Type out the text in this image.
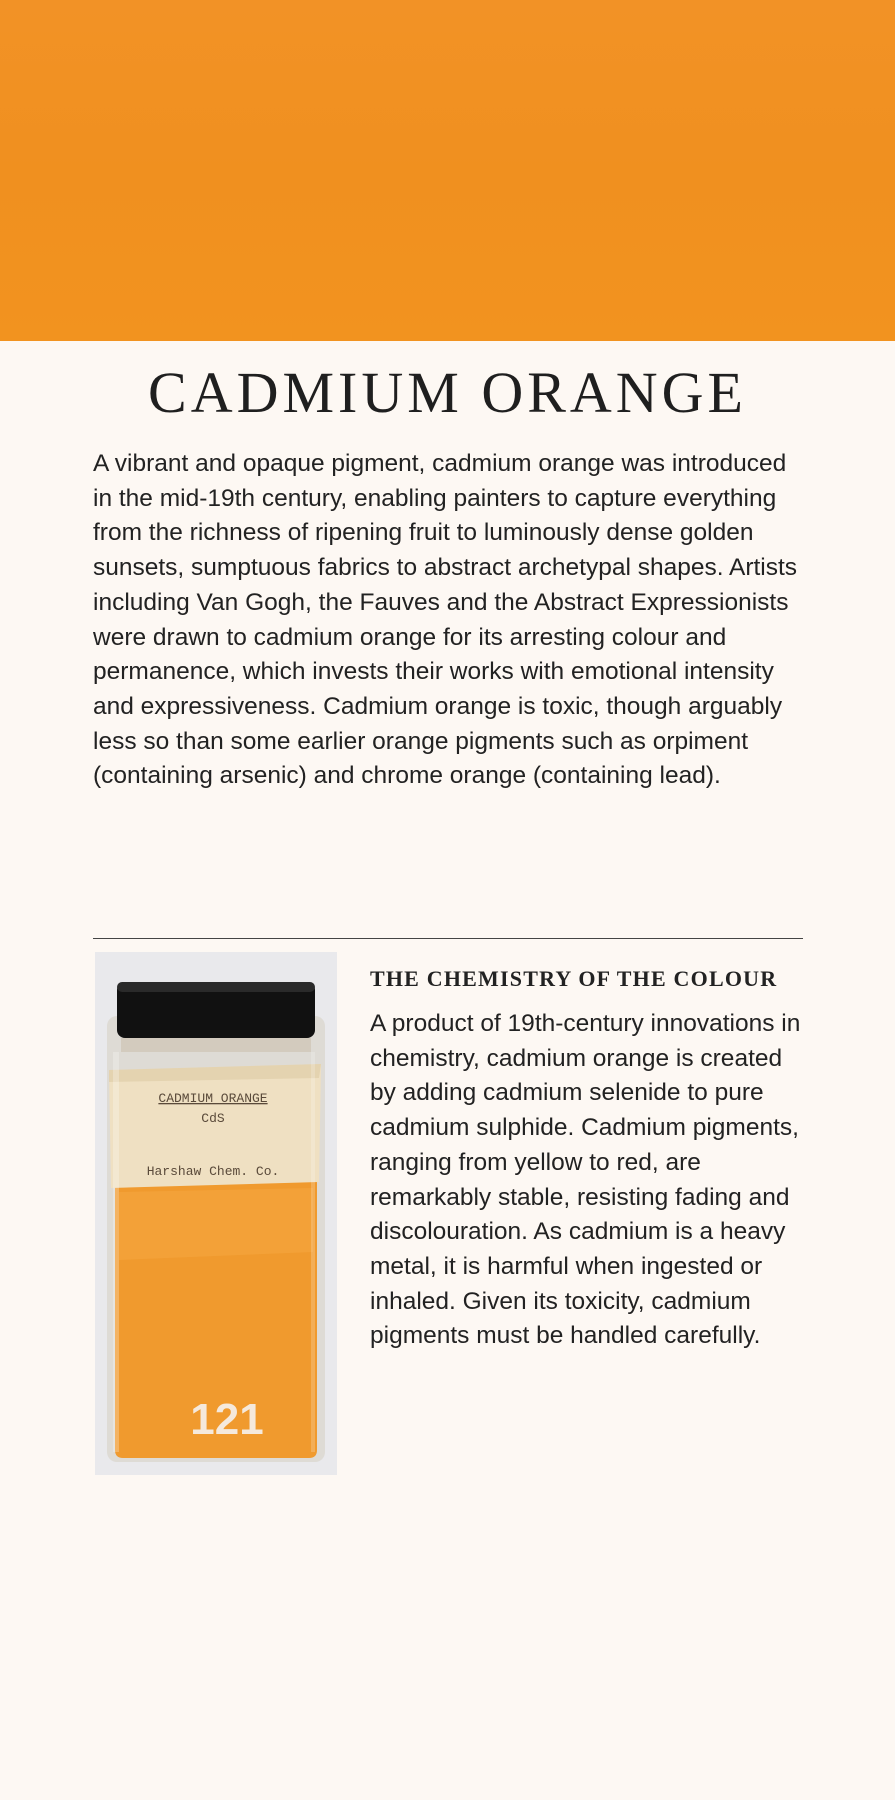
CADMIUM ORANGE

A vibrant and opaque pigment, cadmium orange was introduced in the mid-19th century, enabling painters to capture everything from the richness of ripening fruit to luminously dense golden sunsets, sumptuous fabrics to abstract archetypal shapes. Artists including Van Gogh, the Fauves and the Abstract Expressionists were drawn to cadmium orange for its arresting colour and permanence, which invests their works with emotional intensity and expressiveness. Cadmium orange is toxic, though arguably less so than some earlier orange pigments such as orpiment (containing arsenic) and chrome orange (containing lead).

CADMIUM ORANGE
CdS
Harshaw Chem. Co.
121
THE CHEMISTRY OF THE COLOUR

A product of 19th-century innovations in chemistry, cadmium orange is created by adding cadmium selenide to pure cadmium sulphide. Cadmium pigments, ranging from yellow to red, are remarkably stable, resisting fading and discolouration. As cadmium is a heavy metal, it is harmful when ingested or inhaled. Given its toxicity, cadmium pigments must be handled carefully.
